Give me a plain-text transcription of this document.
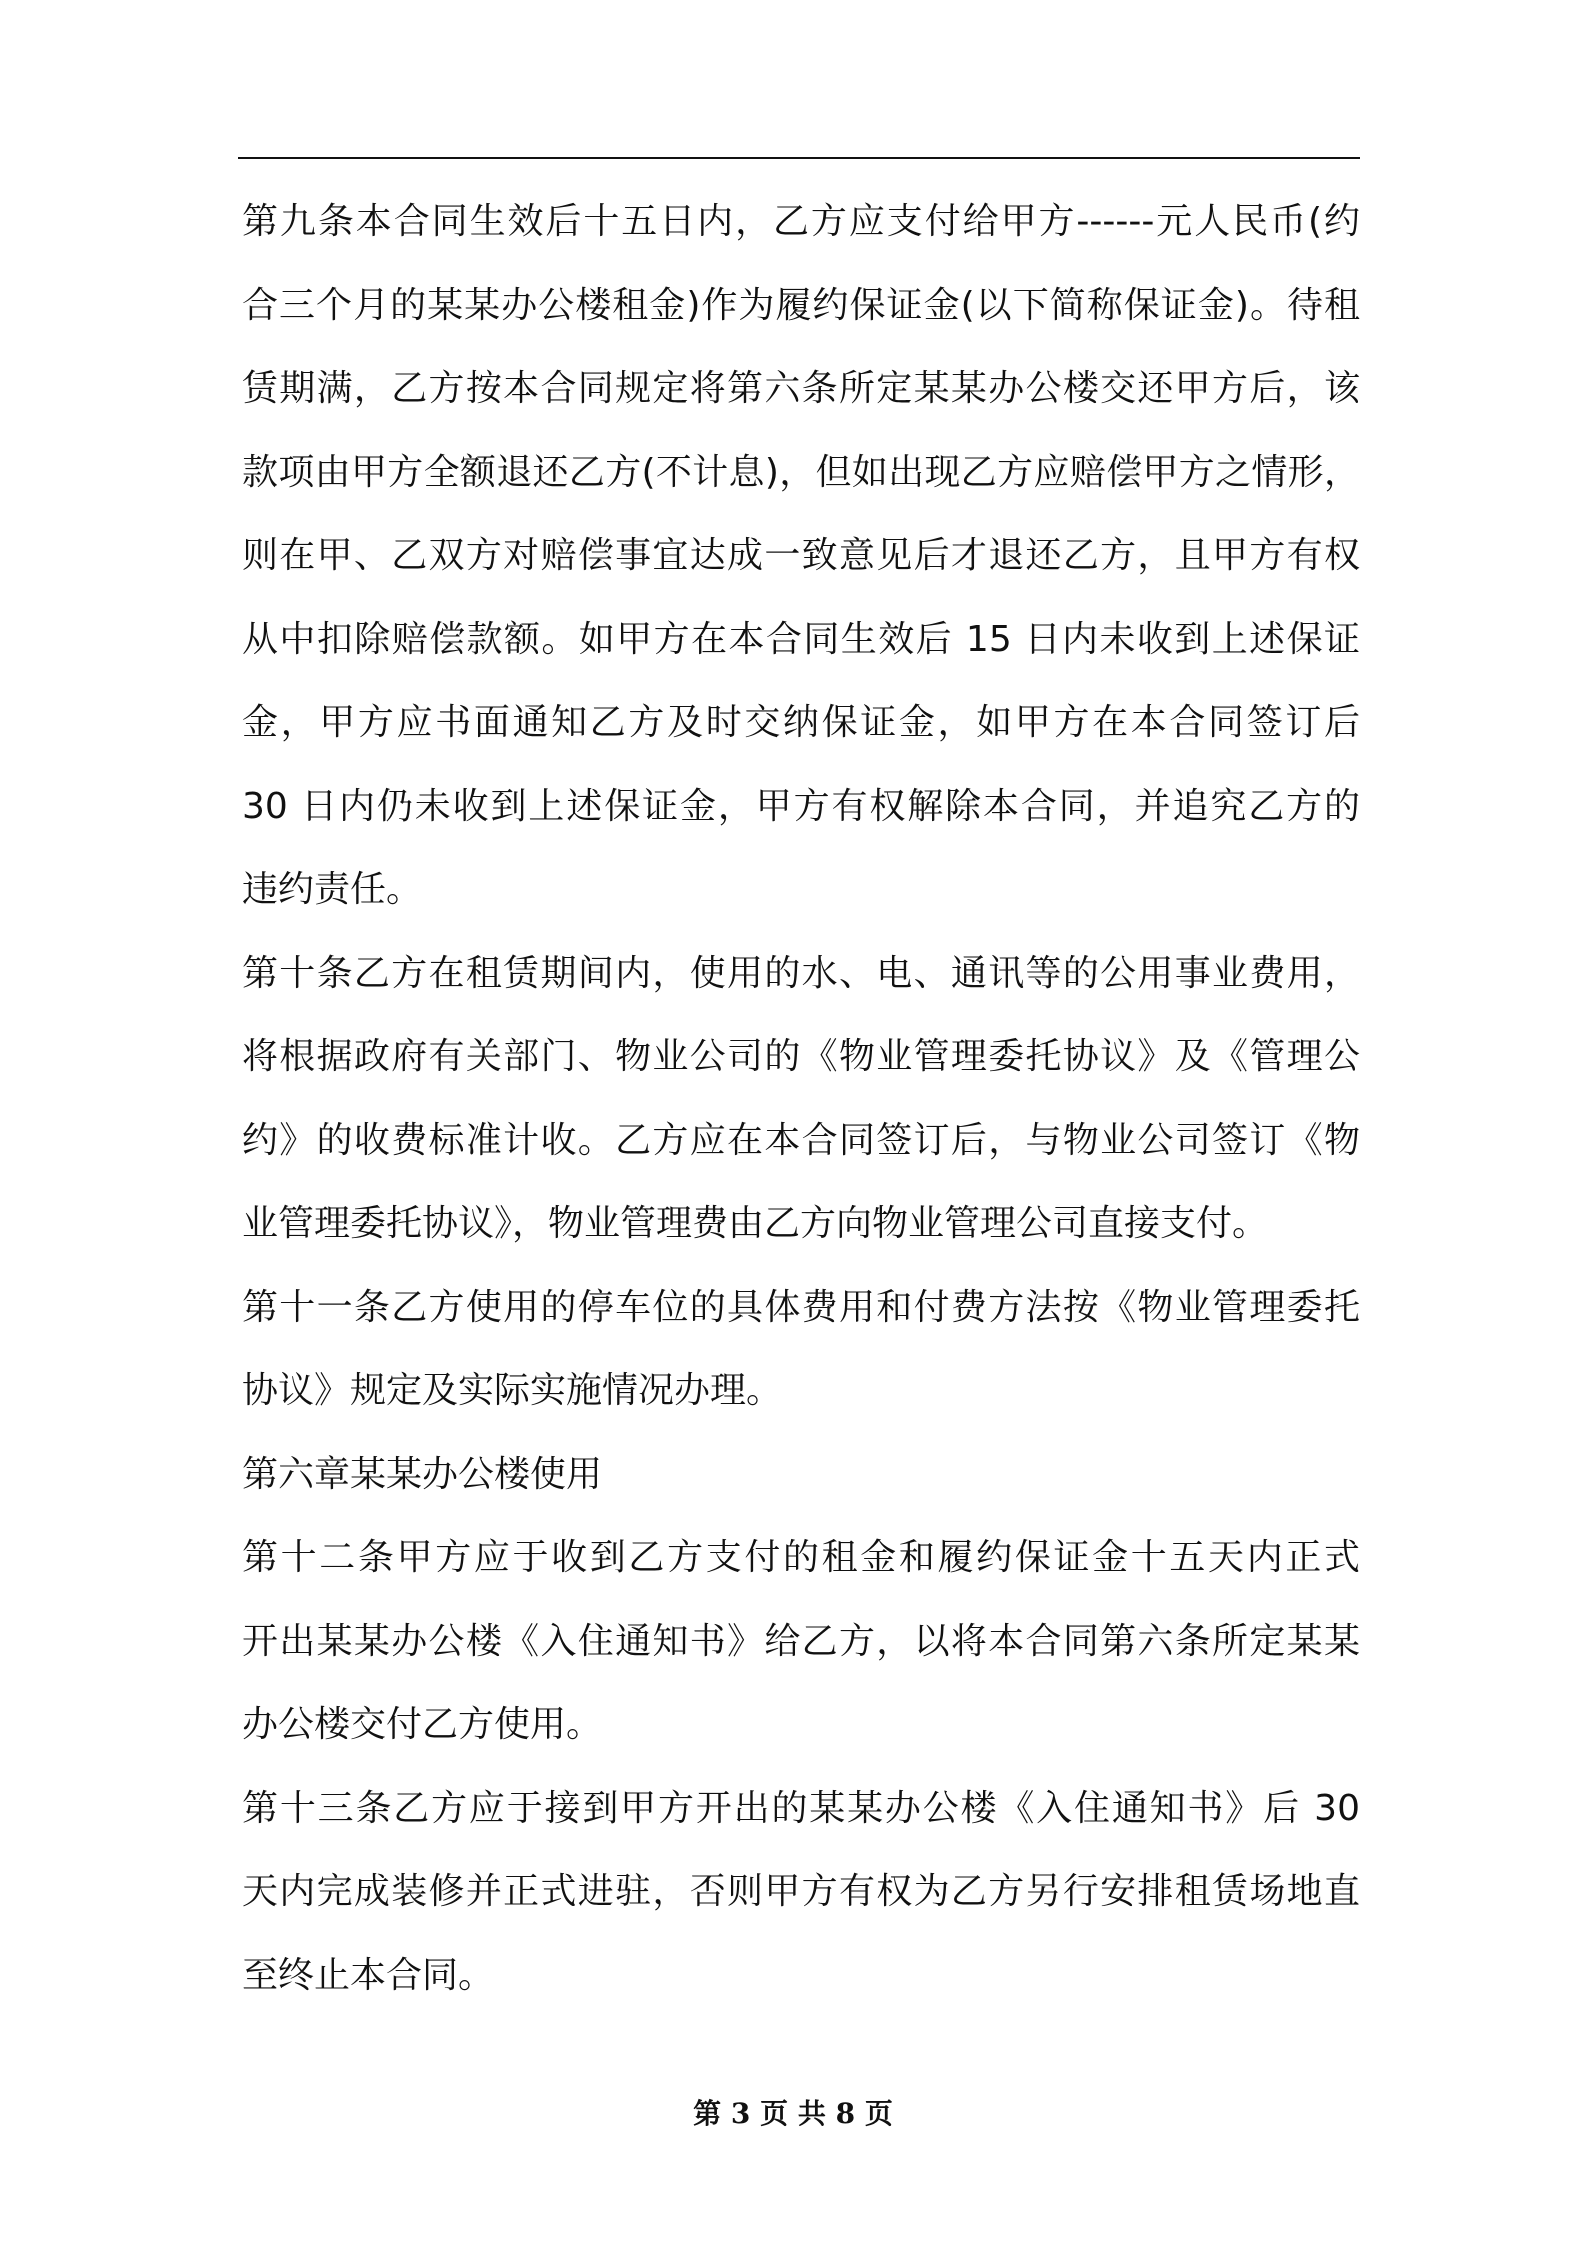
第九条本合同生效后十五日内，乙方应支付给甲方------元人民币(约
合三个月的某某办公楼租金)作为履约保证金(以下简称保证金)。待租
赁期满，乙方按本合同规定将第六条所定某某办公楼交还甲方后，该
款项由甲方全额退还乙方(不计息)，但如出现乙方应赔偿甲方之情形，
则在甲、乙双方对赔偿事宜达成一致意见后才退还乙方，且甲方有权
从中扣除赔偿款额。如甲方在本合同生效后 15 日内未收到上述保证
金，甲方应书面通知乙方及时交纳保证金，如甲方在本合同签订后
30 日内仍未收到上述保证金，甲方有权解除本合同，并追究乙方的
违约责任。
第十条乙方在租赁期间内，使用的水、电、通讯等的公用事业费用，
将根据政府有关部门、物业公司的《物业管理委托协议》及《管理公
约》的收费标准计收。乙方应在本合同签订后，与物业公司签订《物
业管理委托协议》，物业管理费由乙方向物业管理公司直接支付。
第十一条乙方使用的停车位的具体费用和付费方法按《物业管理委托
协议》规定及实际实施情况办理。
第六章某某办公楼使用
第十二条甲方应于收到乙方支付的租金和履约保证金十五天内正式
开出某某办公楼《入住通知书》给乙方，以将本合同第六条所定某某
办公楼交付乙方使用。
第十三条乙方应于接到甲方开出的某某办公楼《入住通知书》后 30
天内完成装修并正式进驻，否则甲方有权为乙方另行安排租赁场地直
至终止本合同。
第 3 页 共 8 页
